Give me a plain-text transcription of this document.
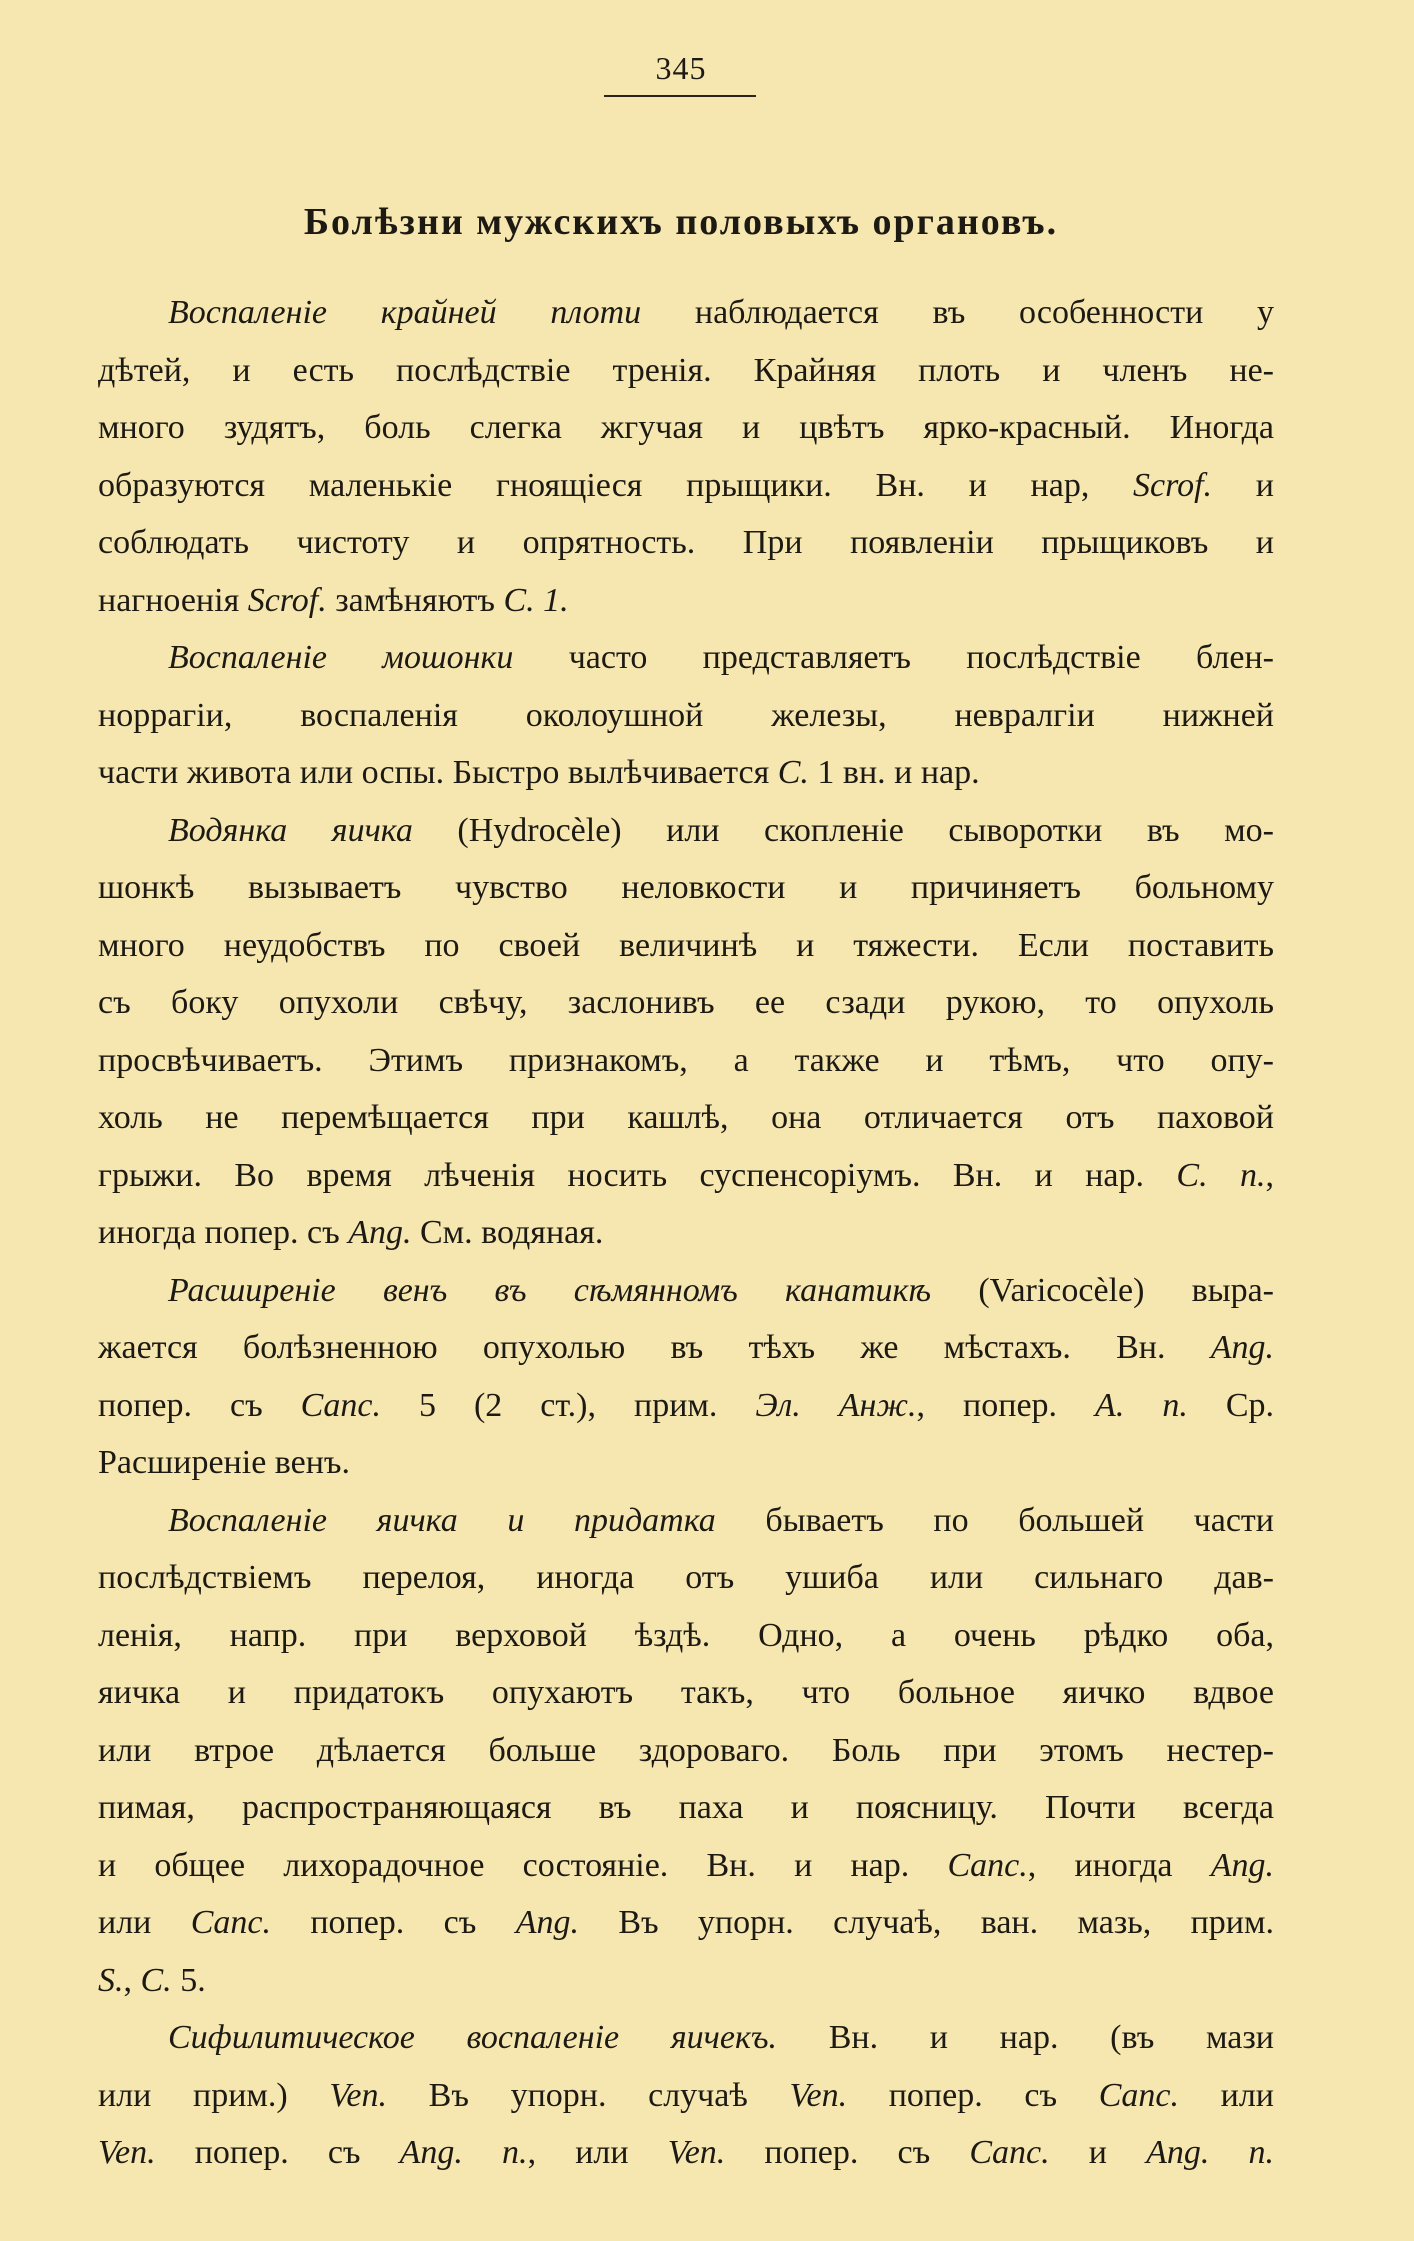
345
Болѣзни мужскихъ половыхъ органовъ.
Воспаленіе крайней плоти наблюдается въ особенности у
дѣтей, и есть послѣдствіе тренія. Крайняя плоть и членъ не-
много зудятъ, боль слегка жгучая и цвѣтъ ярко-красный. Иногда
образуются маленькіе гноящіеся прыщики. Вн. и нар, Scrof. и
соблюдать чистоту и опрятность. При появленіи прыщиковъ и
нагноенія Scrof. замѣняютъ C. 1.
Воспаленіе мошонки часто представляетъ послѣдствіе блен-
норрагіи, воспаленія околоушной железы, невралгіи нижней
части живота или оспы. Быстро вылѣчивается C. 1 вн. и нар.
Водянка яичка (Hydrocèle) или скопленіе сыворотки въ мо-
шонкѣ вызываетъ чувство неловкости и причиняетъ больному
много неудобствъ по своей величинѣ и тяжести. Если поставить
съ боку опухоли свѣчу, заслонивъ ее сзади рукою, то опухоль
просвѣчиваетъ. Этимъ признакомъ, а также и тѣмъ, что опу-
холь не перемѣщается при кашлѣ, она отличается отъ паховой
грыжи. Во время лѣченія носить суспенсоріумъ. Вн. и нар. C. n.,
иногда попер. съ Ang. См. водяная.
Расширеніе венъ въ сѣмянномъ канатикѣ (Varicocèle) выра-
жается болѣзненною опухолью въ тѣхъ же мѣстахъ. Вн. Ang.
попер. съ Canc. 5 (2 ст.), прим. Эл. Анж., попер. A. n. Ср.
Расширеніе венъ.
Воспаленіе яичка и придатка бываетъ по большей части
послѣдствіемъ перелоя, иногда отъ ушиба или сильнаго дав-
ленія, напр. при верховой ѣздѣ. Одно, а очень рѣдко оба,
яичка и придатокъ опухаютъ такъ, что больное яичко вдвое
или втрое дѣлается больше здороваго. Боль при этомъ нестер-
пимая, распространяющаяся въ паха и поясницу. Почти всегда
и общее лихорадочное состояніе. Вн. и нар. Canc., иногда Ang.
или Canc. попер. съ Ang. Въ упорн. случаѣ, ван. мазь, прим.
S., C. 5.
Сифилитическое воспаленіе яичекъ. Вн. и нар. (въ мази
или прим.) Ven. Въ упорн. случаѣ Ven. попер. съ Canc. или
Ven. попер. съ Ang. n., или Ven. попер. съ Canc. и Ang. n.
